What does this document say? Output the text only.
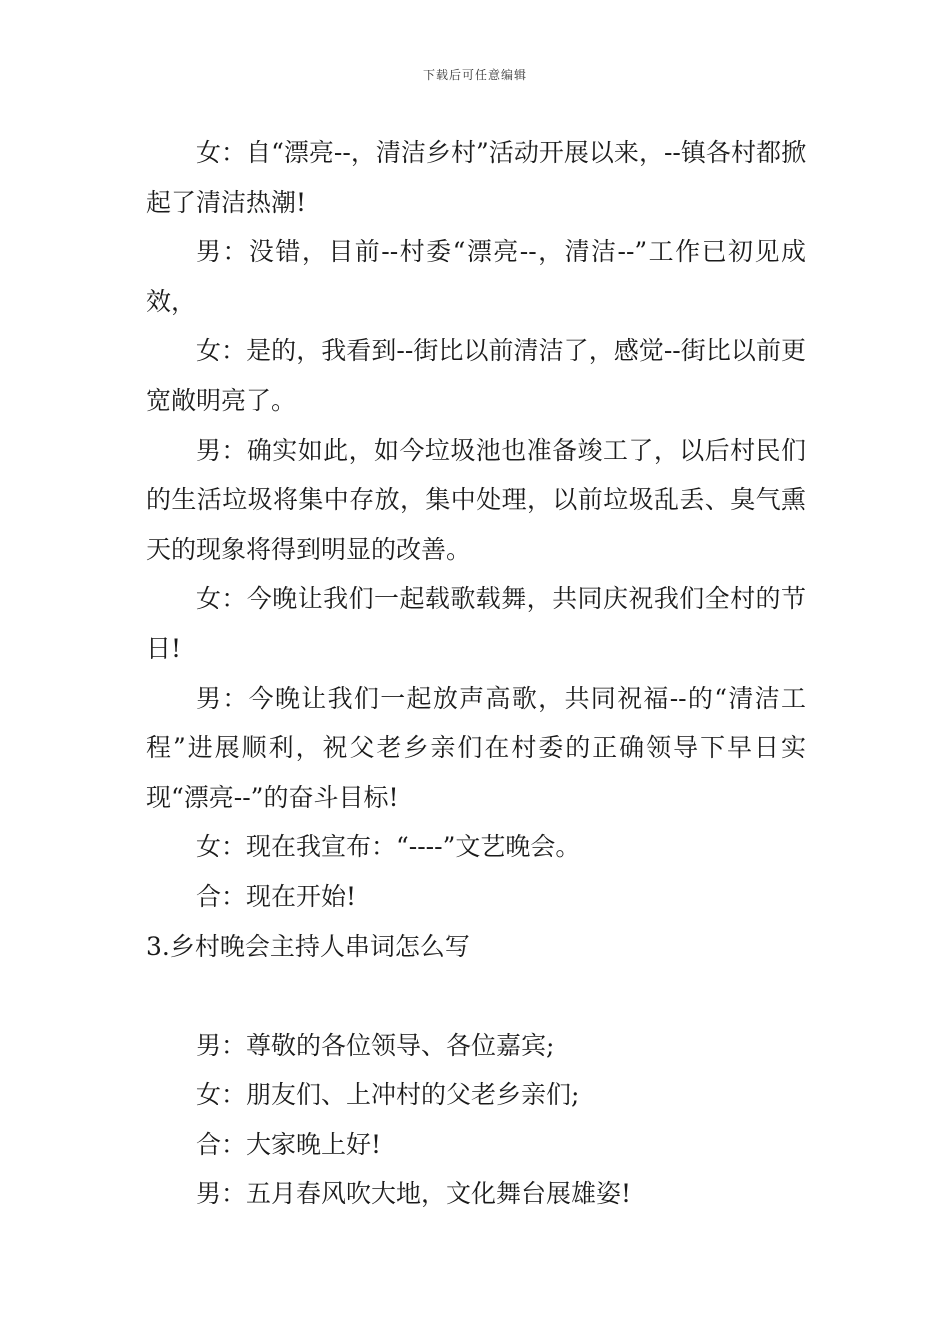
下载后可任意编辑

女：自“漂亮--，清洁乡村”活动开展以来，--镇各村都掀起了清洁热潮!

男：没错，目前--村委“漂亮--，清洁--”工作已初见成效，

女：是的，我看到--街比以前清洁了，感觉--街比以前更宽敞明亮了。

男：确实如此，如今垃圾池也准备竣工了，以后村民们的生活垃圾将集中存放，集中处理，以前垃圾乱丢、臭气熏天的现象将得到明显的改善。

女：今晚让我们一起载歌载舞，共同庆祝我们全村的节日!

男：今晚让我们一起放声高歌，共同祝福--的“清洁工程”进展顺利，祝父老乡亲们在村委的正确领导下早日实现“漂亮--”的奋斗目标!

女：现在我宣布：“----”文艺晚会。

合：现在开始!

3.乡村晚会主持人串词怎么写

男：尊敬的各位领导、各位嘉宾;

女：朋友们、上冲村的父老乡亲们;

合：大家晚上好!

男：五月春风吹大地，文化舞台展雄姿!
